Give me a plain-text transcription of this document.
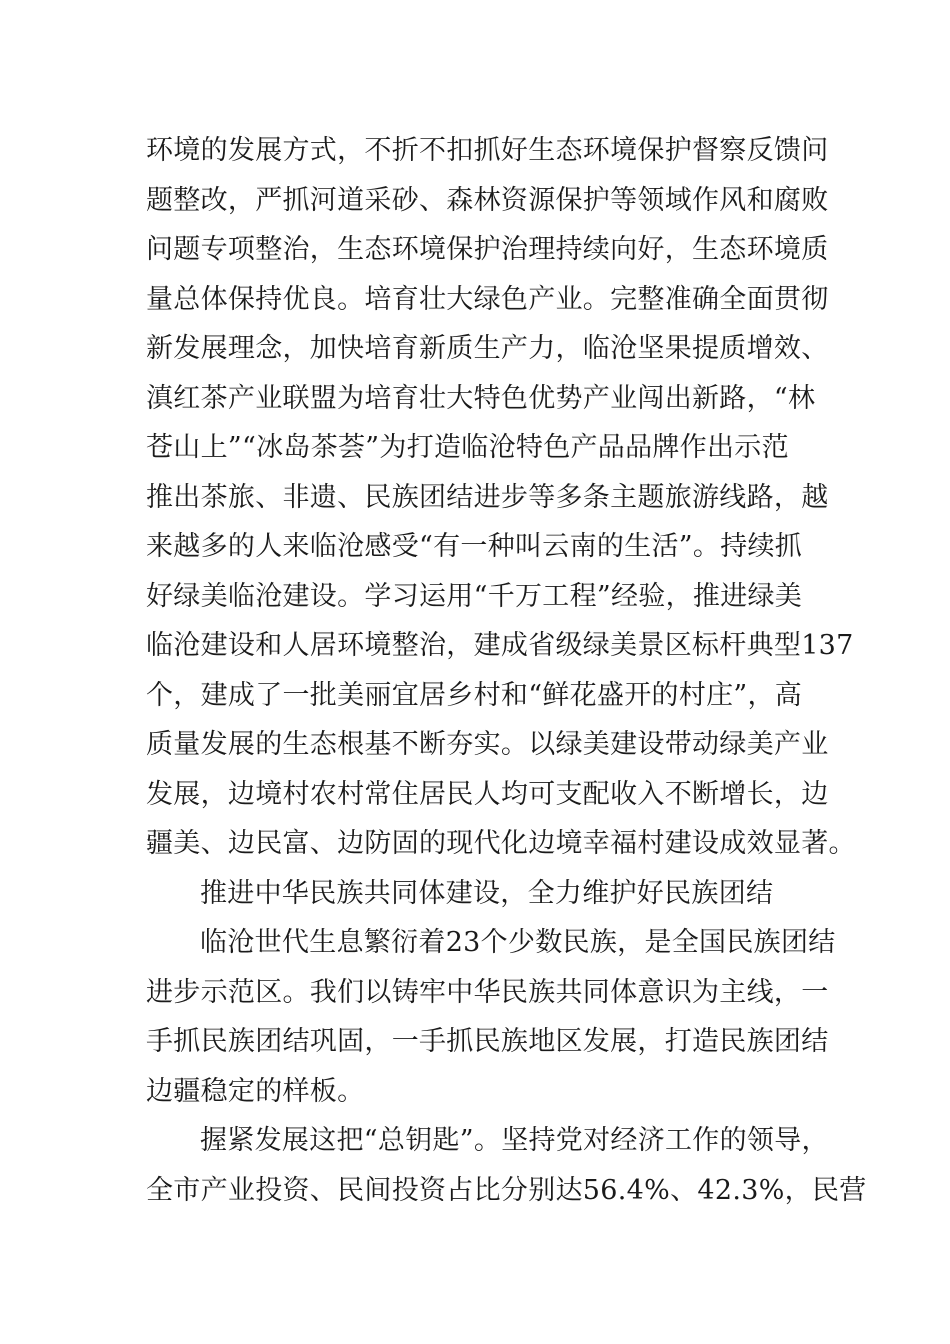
环境的发展方式，不折不扣抓好生态环境保护督察反馈问
题整改，严抓河道采砂、森林资源保护等领域作风和腐败
问题专项整治，生态环境保护治理持续向好，生态环境质
量总体保持优良。培育壮大绿色产业。完整准确全面贯彻
新发展理念，加快培育新质生产力，临沧坚果提质增效、
滇红茶产业联盟为培育壮大特色优势产业闯出新路，“林
苍山上”“冰岛茶荟”为打造临沧特色产品品牌作出示范
推出茶旅、非遗、民族团结进步等多条主题旅游线路，越
来越多的人来临沧感受“有一种叫云南的生活”。持续抓
好绿美临沧建设。学习运用“千万工程”经验，推进绿美
临沧建设和人居环境整治，建成省级绿美景区标杆典型137
个，建成了一批美丽宜居乡村和“鲜花盛开的村庄”，高
质量发展的生态根基不断夯实。以绿美建设带动绿美产业
发展，边境村农村常住居民人均可支配收入不断增长，边
疆美、边民富、边防固的现代化边境幸福村建设成效显著。
推进中华民族共同体建设，全力维护好民族团结
临沧世代生息繁衍着23个少数民族，是全国民族团结
进步示范区。我们以铸牢中华民族共同体意识为主线，一
手抓民族团结巩固，一手抓民族地区发展，打造民族团结
边疆稳定的样板。
握紧发展这把“总钥匙”。坚持党对经济工作的领导，
全市产业投资、民间投资占比分别达56.4%、42.3%，民营
